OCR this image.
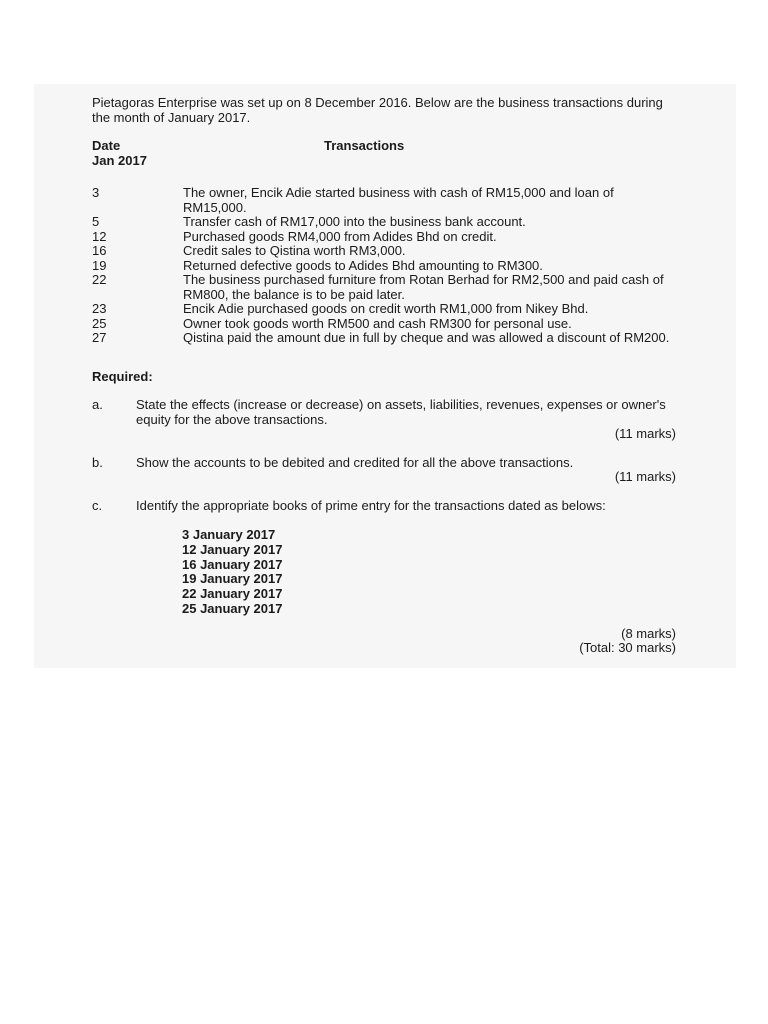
Pietagoras Enterprise was set up on 8 December 2016. Below are the business transactions during the month of January 2017.

Date
Jan 2017
Transactions
3	The owner, Encik Adie started business with cash of RM15,000 and loan of RM15,000.
5	Transfer cash of RM17,000 into the business bank account.
12	Purchased goods RM4,000 from Adides Bhd on credit.
16	Credit sales to Qistina worth RM3,000.
19	Returned defective goods to Adides Bhd amounting to RM300.
22	The business purchased furniture from Rotan Berhad for RM2,500 and paid cash of RM800, the balance is to be paid later.
23	Encik Adie purchased goods on credit worth RM1,000 from Nikey Bhd.
25	Owner took goods worth RM500 and cash RM300 for personal use.
27	Qistina paid the amount due in full by cheque and was allowed a discount of RM200.
Required:
a.	State the effects (increase or decrease) on assets, liabilities, revenues, expenses or owner's equity for the above transactions.
(11 marks)
b.	Show the accounts to be debited and credited for all the above transactions.
(11 marks)
c.	Identify the appropriate books of prime entry for the transactions dated as belows:
3 January 2017
12 January 2017
16 January 2017
19 January 2017
22 January 2017
25 January 2017
(8 marks)
(Total: 30 marks)
